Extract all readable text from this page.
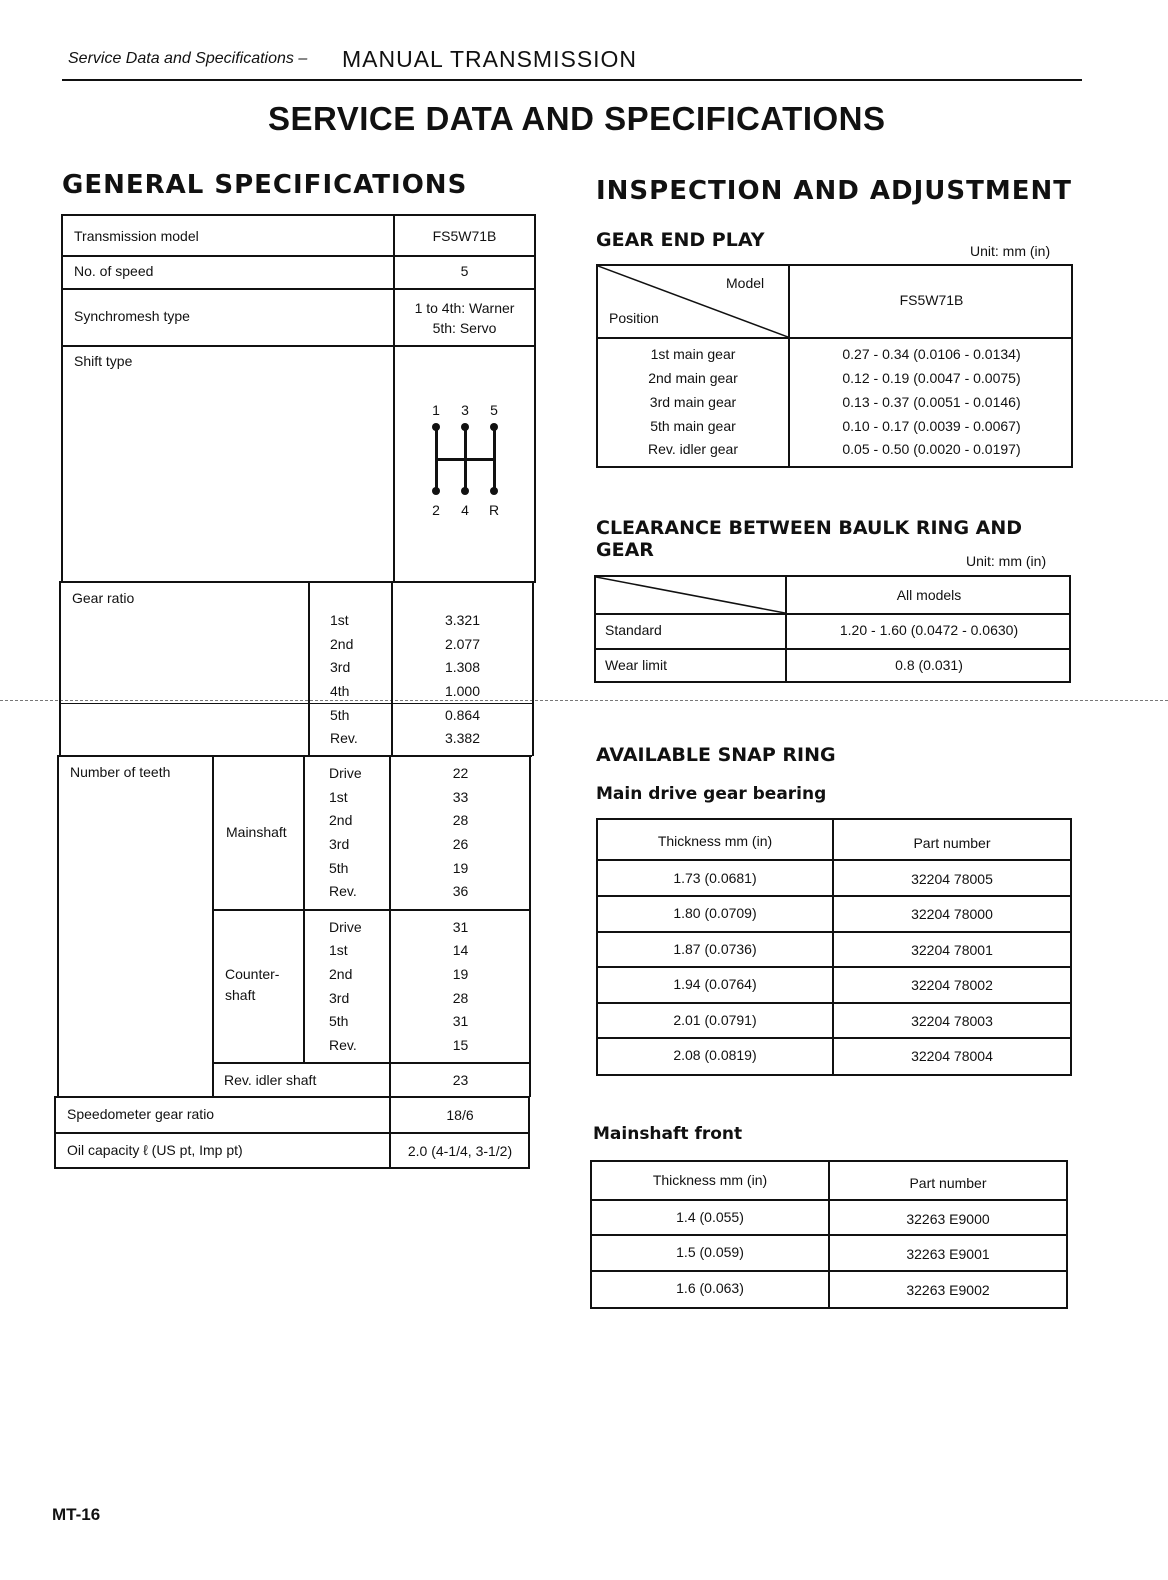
Service Data and Specifications – MANUAL TRANSMISSION
SERVICE DATA AND SPECIFICATIONS
GENERAL SPECIFICATIONS
Transmission model	FS5W71B
No. of speed	5
Synchromesh type	1 to 4th: Warner
5th: Servo
Shift type
1 3 5
2 4 R
Gear ratio
1st	3.321
2nd	2.077
3rd	1.308
4th	1.000
5th	0.864
Rev.	3.382
Number of teeth
Mainshaft
Drive	22
1st	33
2nd	28
3rd	26
5th	19
Rev.	36
Counter-
shaft
Drive	31
1st	14
2nd	19
3rd	28
5th	31
Rev.	15
Rev. idler shaft	23
Speedometer gear ratio	18/6
Oil capacity ℓ (US pt, Imp pt)	2.0 (4-1/4, 3-1/2)
INSPECTION AND ADJUSTMENT
GEAR END PLAY	Unit: mm (in)
Model
Position
FS5W71B
1st main gear	0.27 - 0.34 (0.0106 - 0.0134)
2nd main gear	0.12 - 0.19 (0.0047 - 0.0075)
3rd main gear	0.13 - 0.37 (0.0051 - 0.0146)
5th main gear	0.10 - 0.17 (0.0039 - 0.0067)
Rev. idler gear	0.05 - 0.50 (0.0020 - 0.0197)
CLEARANCE BETWEEN BAULK RING AND
GEAR	Unit: mm (in)
All models
Standard	1.20 - 1.60 (0.0472 - 0.0630)
Wear limit	0.8 (0.031)
AVAILABLE SNAP RING
Main drive gear bearing
Thickness mm (in)	Part number
1.73 (0.0681)	32204 78005
1.80 (0.0709)	32204 78000
1.87 (0.0736)	32204 78001
1.94 (0.0764)	32204 78002
2.01 (0.0791)	32204 78003
2.08 (0.0819)	32204 78004
Mainshaft front
Thickness mm (in)	Part number
1.4 (0.055)	32263 E9000
1.5 (0.059)	32263 E9001
1.6 (0.063)	32263 E9002
MT-16
